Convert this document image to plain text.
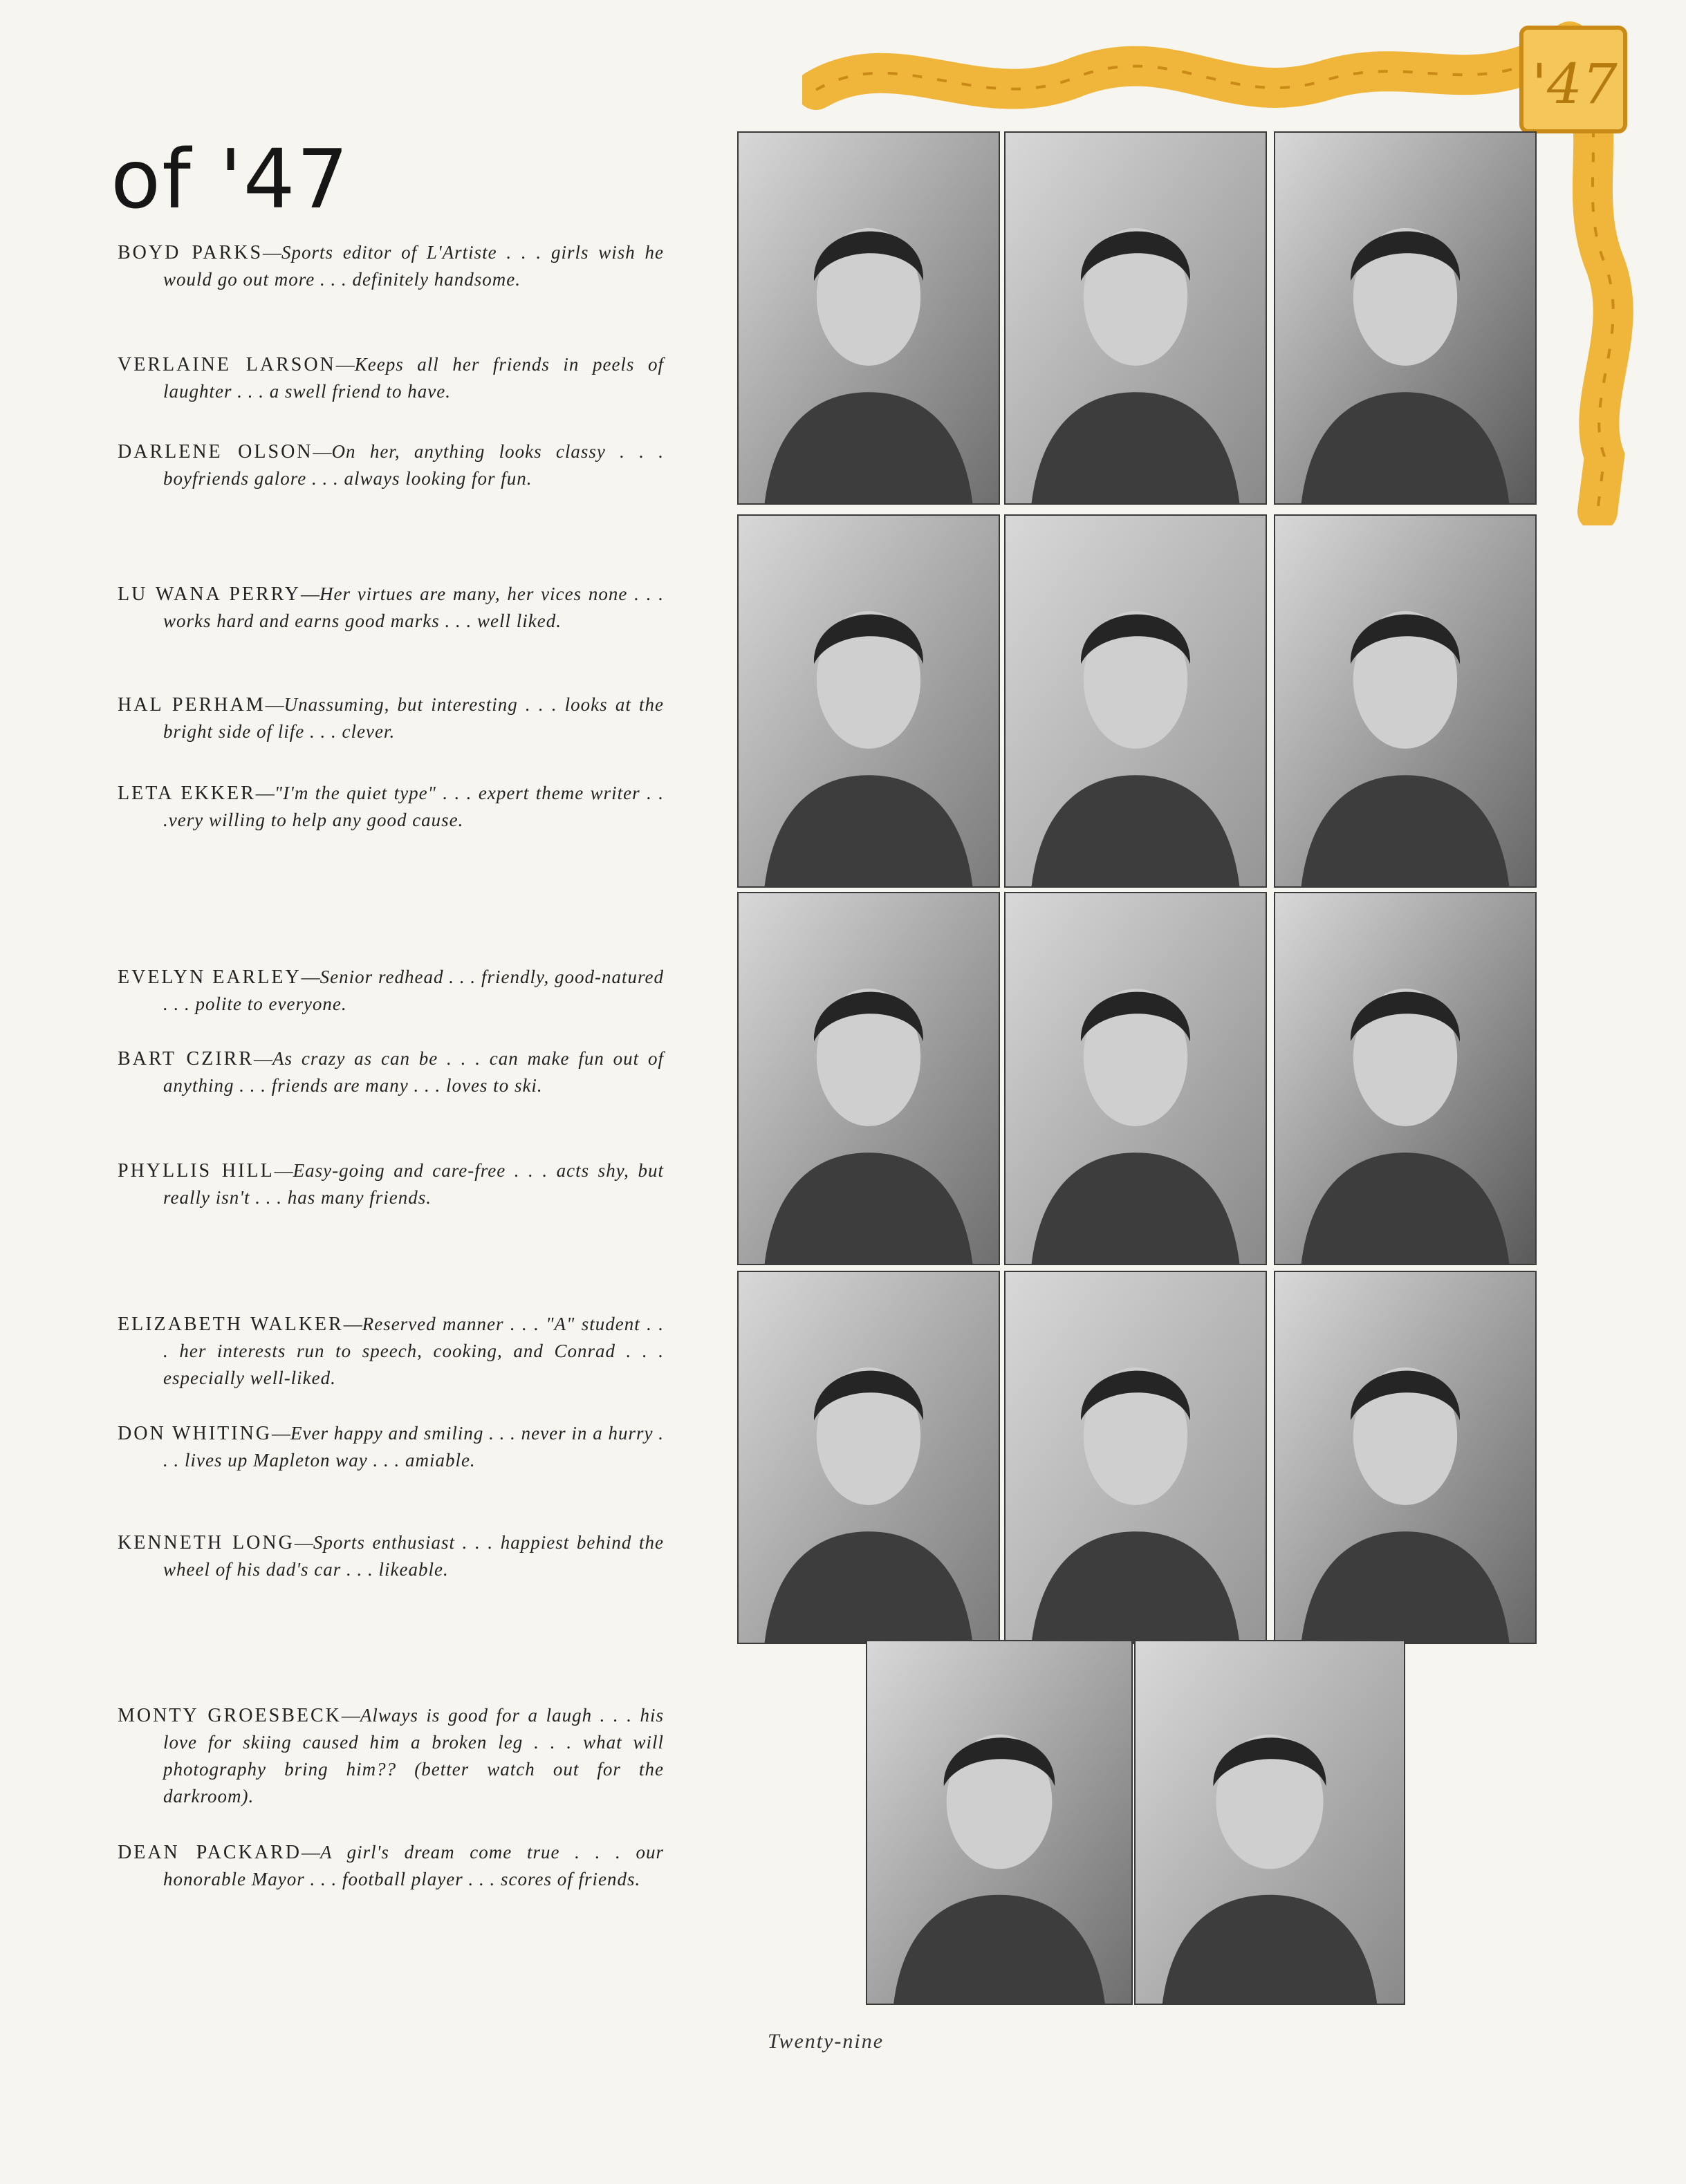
'47
of '47
BOYD PARKS—Sports editor of L'Artiste . . . girls wish he would go out more . . . definitely handsome.
VERLAINE LARSON—Keeps all her friends in peels of laughter . . . a swell friend to have.
DARLENE OLSON—On her, anything looks classy . . . boyfriends galore . . . always looking for fun.
LU WANA PERRY—Her virtues are many, her vices none . . . works hard and earns good marks . . . well liked.
HAL PERHAM—Unassuming, but interesting . . . looks at the bright side of life . . . clever.
LETA EKKER—"I'm the quiet type" . . . expert theme writer . . .very willing to help any good cause.
EVELYN EARLEY—Senior redhead . . . friendly, good-natured . . . polite to everyone.
BART CZIRR—As crazy as can be . . . can make fun out of anything . . . friends are many . . . loves to ski.
PHYLLIS HILL—Easy-going and care-free . . . acts shy, but really isn't . . . has many friends.
ELIZABETH WALKER—Reserved manner . . . "A" student . . . her interests run to speech, cooking, and Conrad . . . especially well-liked.
DON WHITING—Ever happy and smiling . . . never in a hurry . . . lives up Mapleton way . . . amiable.
KENNETH LONG—Sports enthusiast . . . happiest behind the wheel of his dad's car . . . likeable.
MONTY GROESBECK—Always is good for a laugh . . . his love for skiing caused him a broken leg . . . what will photography bring him?? (better watch out for the darkroom).
DEAN PACKARD—A girl's dream come true . . . our honorable Mayor . . . football player . . . scores of friends.
Twenty-nine
